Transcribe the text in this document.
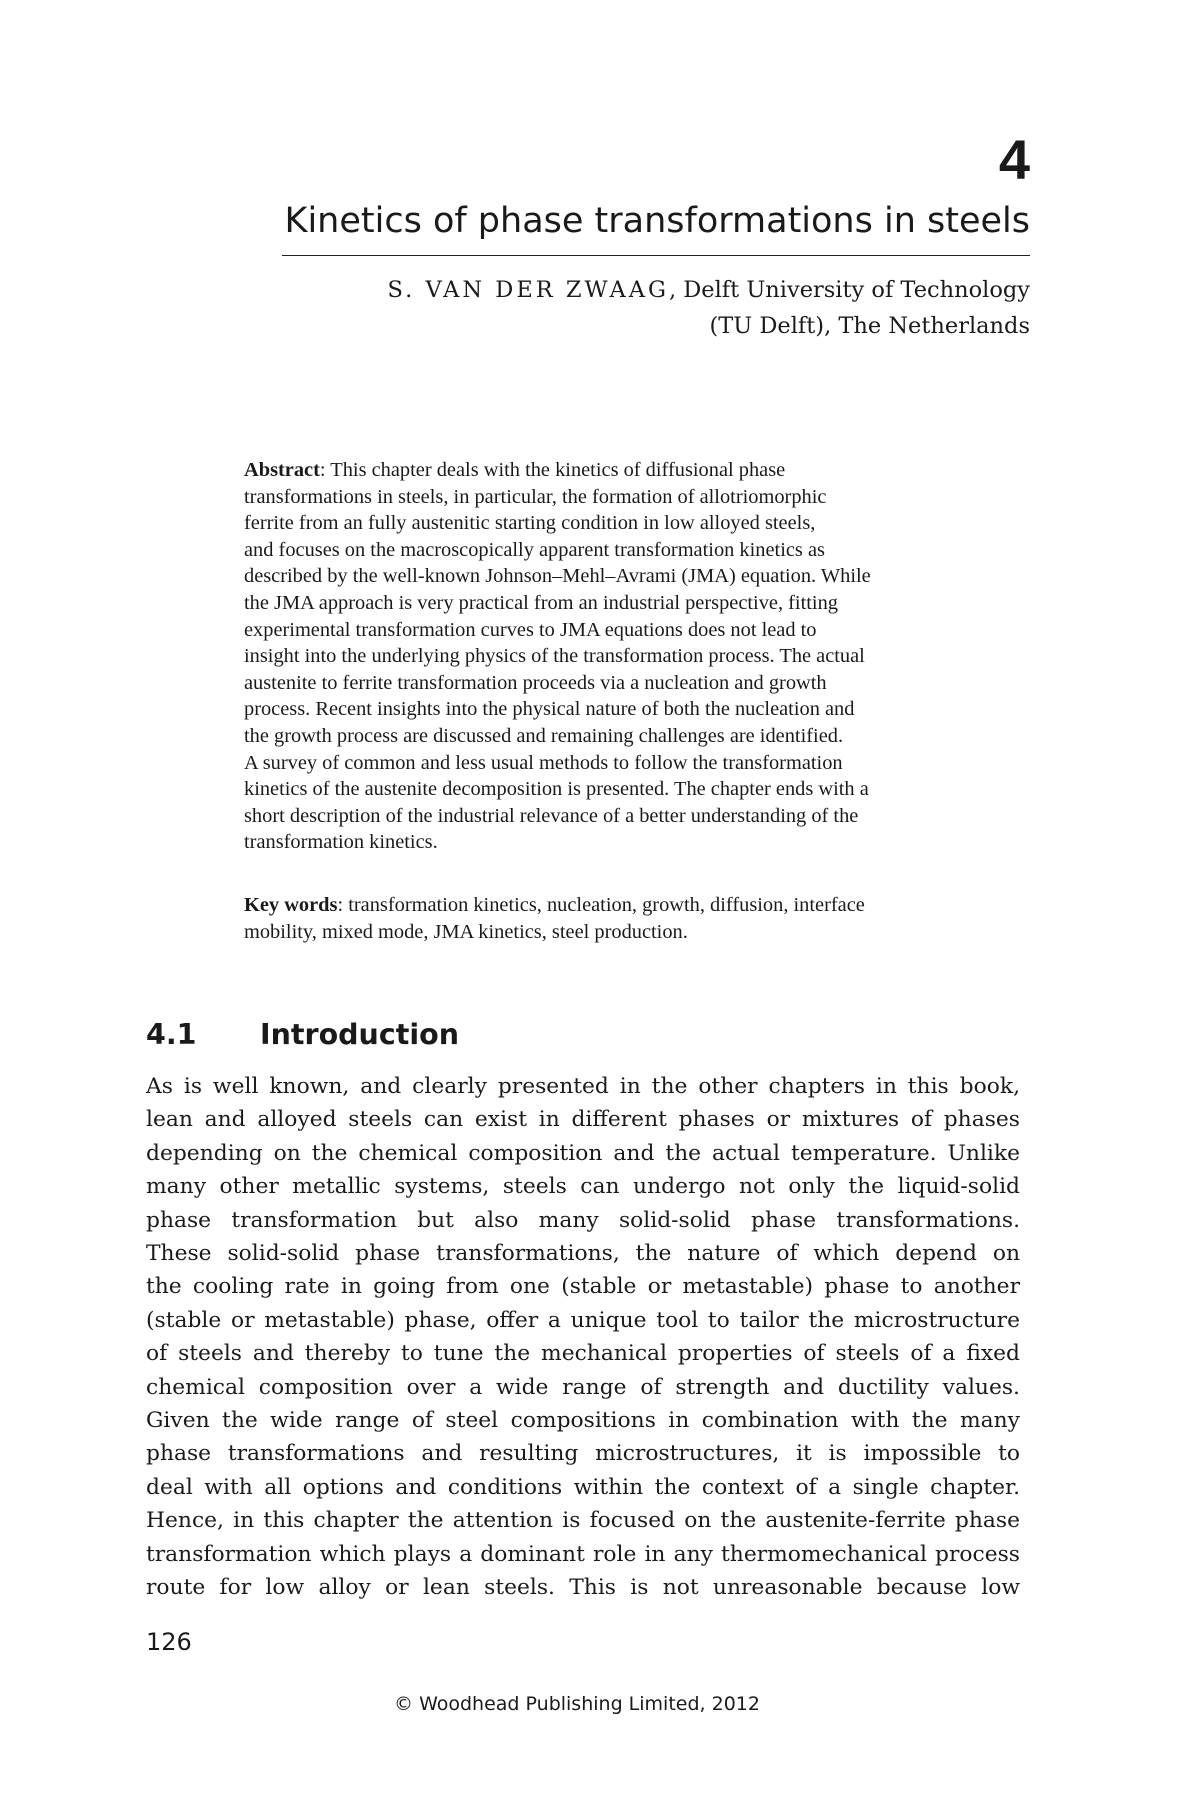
4
Kinetics of phase transformations in steels
S. VAN DER ZWAAG, Delft University of Technology
(TU Delft), The Netherlands
Abstract: This chapter deals with the kinetics of diffusional phase
transformations in steels, in particular, the formation of allotriomorphic
ferrite from an fully austenitic starting condition in low alloyed steels,
and focuses on the macroscopically apparent transformation kinetics as
described by the well-known Johnson–Mehl–Avrami (JMA) equation. While
the JMA approach is very practical from an industrial perspective, fitting
experimental transformation curves to JMA equations does not lead to
insight into the underlying physics of the transformation process. The actual
austenite to ferrite transformation proceeds via a nucleation and growth
process. Recent insights into the physical nature of both the nucleation and
the growth process are discussed and remaining challenges are identified.
A survey of common and less usual methods to follow the transformation
kinetics of the austenite decomposition is presented. The chapter ends with a
short description of the industrial relevance of a better understanding of the
transformation kinetics.
Key words: transformation kinetics, nucleation, growth, diffusion, interface
mobility, mixed mode, JMA kinetics, steel production.
4.1 Introduction
As is well known, and clearly presented in the other chapters in this book,
lean and alloyed steels can exist in different phases or mixtures of phases
depending on the chemical composition and the actual temperature. Unlike
many other metallic systems, steels can undergo not only the liquid-solid
phase transformation but also many solid-solid phase transformations.
These solid-solid phase transformations, the nature of which depend on
the cooling rate in going from one (stable or metastable) phase to another
(stable or metastable) phase, offer a unique tool to tailor the microstructure
of steels and thereby to tune the mechanical properties of steels of a fixed
chemical composition over a wide range of strength and ductility values.
Given the wide range of steel compositions in combination with the many
phase transformations and resulting microstructures, it is impossible to
deal with all options and conditions within the context of a single chapter.
Hence, in this chapter the attention is focused on the austenite-ferrite phase
transformation which plays a dominant role in any thermomechanical process
route for low alloy or lean steels. This is not unreasonable because low
126
© Woodhead Publishing Limited, 2012
